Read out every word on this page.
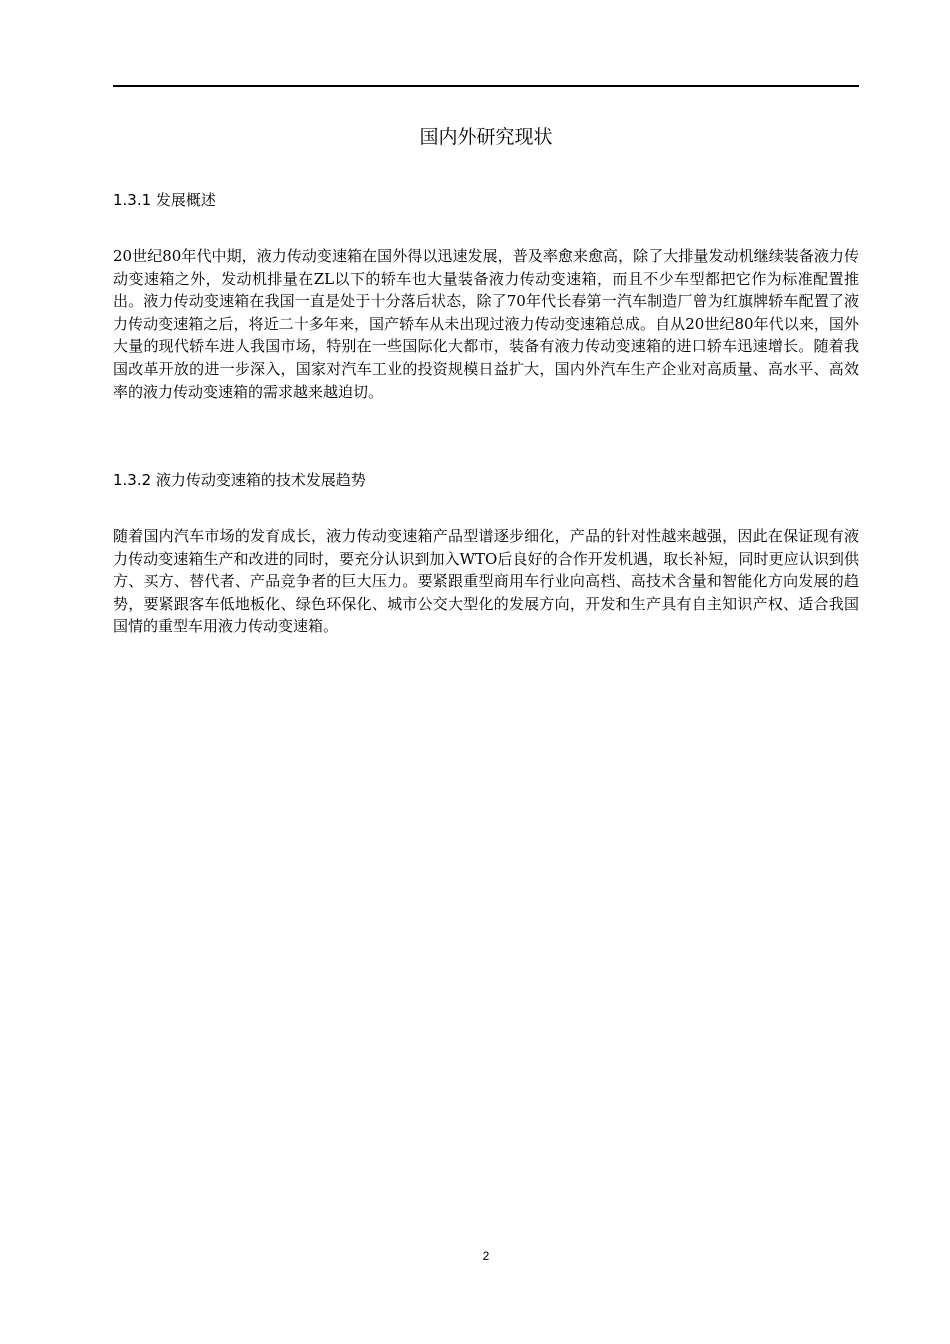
国内外研究现状
1.3.1 发展概述

20世纪80年代中期，液力传动变速箱在国外得以迅速发展，普及率愈来愈高，除了大排量发动机继续装备液力传动变速箱之外，发动机排量在ZL以下的轿车也大量装备液力传动变速箱，而且不少车型都把它作为标准配置推出。液力传动变速箱在我国一直是处于十分落后状态，除了70年代长春第一汽车制造厂曾为红旗牌轿车配置了液力传动变速箱之后，将近二十多年来，国产轿车从未出现过液力传动变速箱总成。自从20世纪80年代以来，国外大量的现代轿车进人我国市场，特别在一些国际化大都市，装备有液力传动变速箱的进口轿车迅速增长。随着我国改革开放的进一步深入，国家对汽车工业的投资规模日益扩大，国内外汽车生产企业对高质量、高水平、高效率的液力传动变速箱的需求越来越迫切。

1.3.2 液力传动变速箱的技术发展趋势

随着国内汽车市场的发育成长，液力传动变速箱产品型谱逐步细化，产品的针对性越来越强，因此在保证现有液力传动变速箱生产和改进的同时，要充分认识到加入WTO后良好的合作开发机遇，取长补短，同时更应认识到供方、买方、替代者、产品竞争者的巨大压力。要紧跟重型商用车行业向高档、高技术含量和智能化方向发展的趋势，要紧跟客车低地板化、绿色环保化、城市公交大型化的发展方向，开发和生产具有自主知识产权、适合我国国情的重型车用液力传动变速箱。

2
